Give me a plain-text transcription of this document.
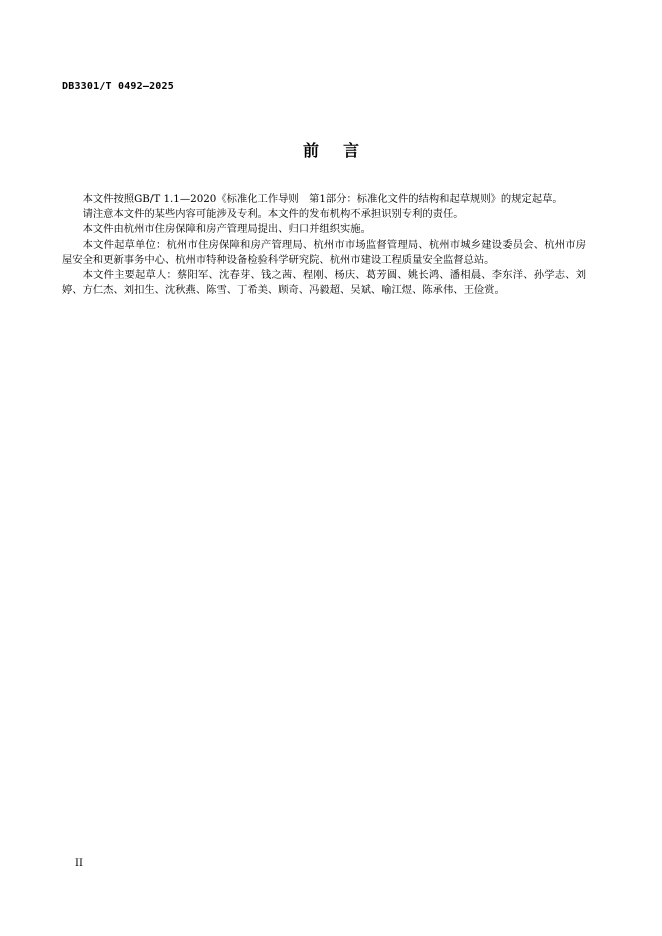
DB3301/T 0492—2025
前言

本文件按照GB/T 1.1—2020《标准化工作导则　第1部分：标准化文件的结构和起草规则》的规定起草。

请注意本文件的某些内容可能涉及专利。本文件的发布机构不承担识别专利的责任。

本文件由杭州市住房保障和房产管理局提出、归口并组织实施。

本文件起草单位：杭州市住房保障和房产管理局、杭州市市场监督管理局、杭州市城乡建设委员会、杭州市房屋安全和更新事务中心、杭州市特种设备检验科学研究院、杭州市建设工程质量安全监督总站。

本文件主要起草人：蔡阳军、沈春芽、钱之茜、程刚、杨庆、葛芳圆、姚长鸿、潘相晨、李东洋、孙学志、刘婷、方仁杰、刘扣生、沈秋燕、陈雪、丁希美、顾奇、冯毅超、吴斌、喻江煜、陈承伟、王俭赏。

II
